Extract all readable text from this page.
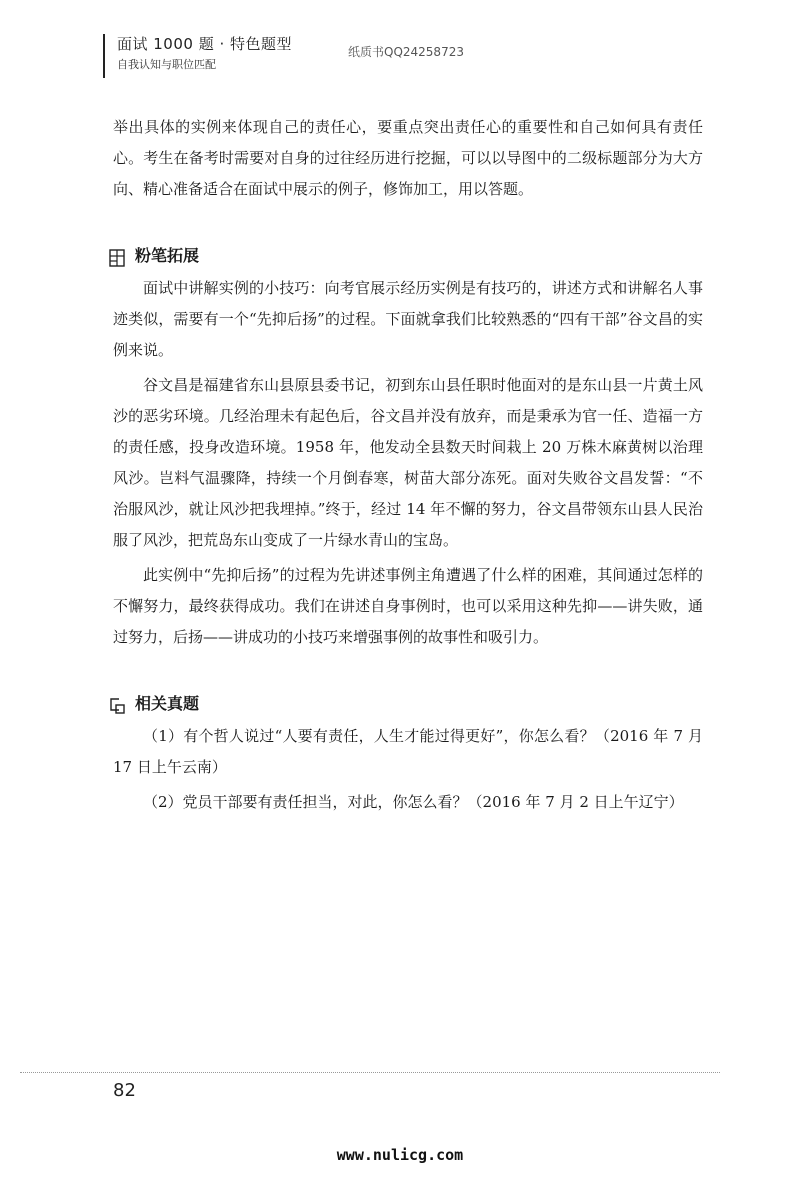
面试 1000 题 · 特色题型
自我认知与职位匹配
纸质书QQ24258723

举出具体的实例来体现自己的责任心，要重点突出责任心的重要性和自己如何具有责任心。考生在备考时需要对自身的过往经历进行挖掘，可以以导图中的二级标题部分为大方向、精心准备适合在面试中展示的例子，修饰加工，用以答题。

粉笔拓展

面试中讲解实例的小技巧：向考官展示经历实例是有技巧的，讲述方式和讲解名人事迹类似，需要有一个“先抑后扬”的过程。下面就拿我们比较熟悉的“四有干部”谷文昌的实例来说。

谷文昌是福建省东山县原县委书记，初到东山县任职时他面对的是东山县一片黄土风沙的恶劣环境。几经治理未有起色后，谷文昌并没有放弃，而是秉承为官一任、造福一方的责任感，投身改造环境。1958 年，他发动全县数天时间栽上 20 万株木麻黄树以治理风沙。岂料气温骤降，持续一个月倒春寒，树苗大部分冻死。面对失败谷文昌发誓：“不治服风沙，就让风沙把我埋掉。”终于，经过 14 年不懈的努力，谷文昌带领东山县人民治服了风沙，把荒岛东山变成了一片绿水青山的宝岛。

此实例中“先抑后扬”的过程为先讲述事例主角遭遇了什么样的困难，其间通过怎样的不懈努力，最终获得成功。我们在讲述自身事例时，也可以采用这种先抑——讲失败，通过努力，后扬——讲成功的小技巧来增强事例的故事性和吸引力。

相关真题

（1）有个哲人说过“人要有责任，人生才能过得更好”，你怎么看？（2016 年 7 月 17 日上午云南）

（2）党员干部要有责任担当，对此，你怎么看？（2016 年 7 月 2 日上午辽宁）

82
www.nulicg.com
